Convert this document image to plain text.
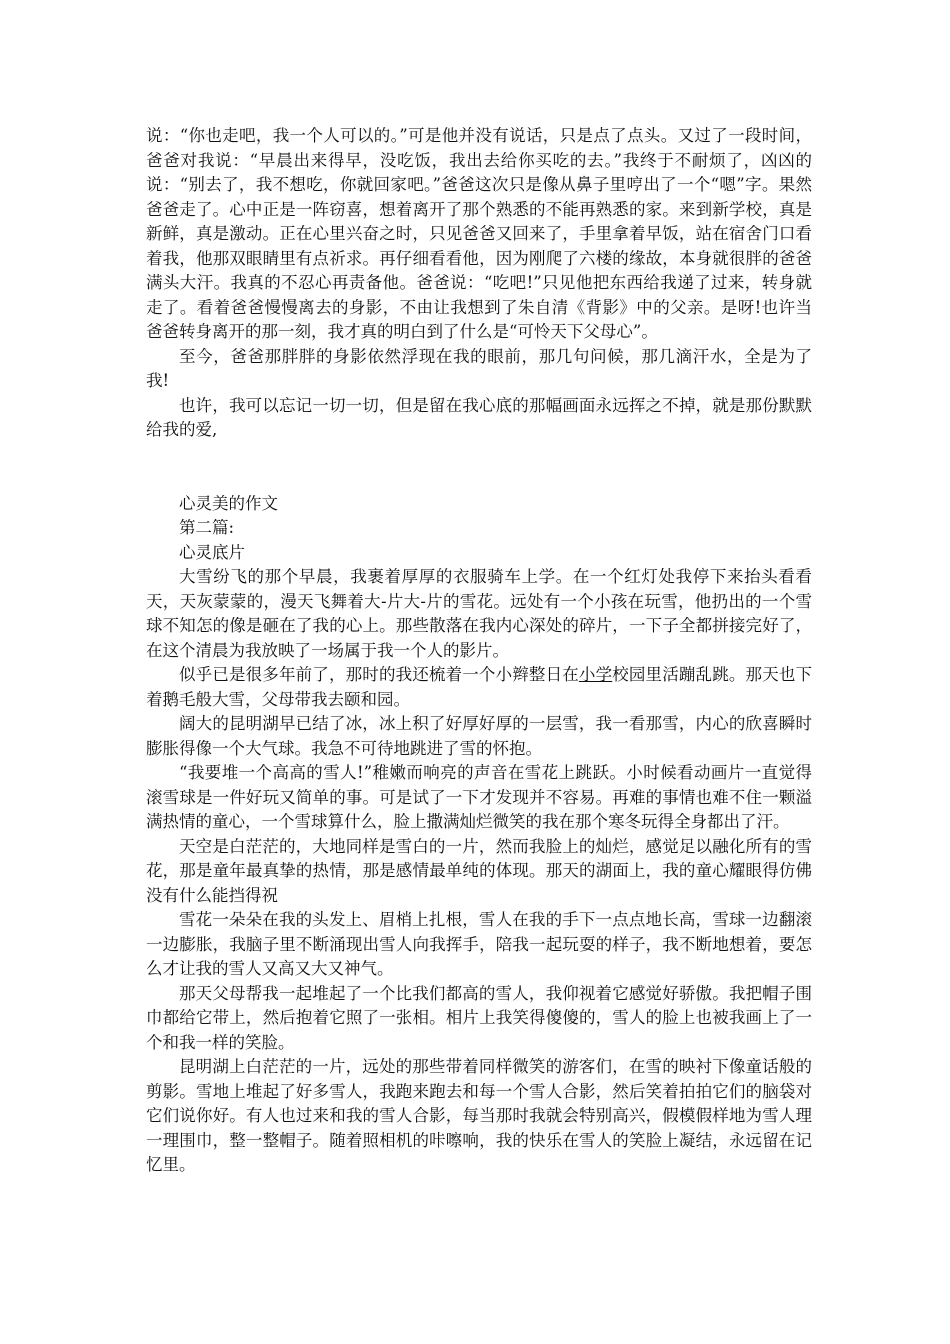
说：“你也走吧，我一个人可以的。”可是他并没有说话，只是点了点头。又过了一段时间，爸爸对我说：“早晨出来得早，没吃饭，我出去给你买吃的去。”我终于不耐烦了，凶凶的说：“别去了，我不想吃，你就回家吧。”爸爸这次只是像从鼻子里哼出了一个“嗯”字。果然爸爸走了。心中正是一阵窃喜，想着离开了那个熟悉的不能再熟悉的家。来到新学校，真是新鲜，真是激动。正在心里兴奋之时，只见爸爸又回来了，手里拿着早饭，站在宿舍门口看着我，他那双眼睛里有点祈求。再仔细看看他，因为刚爬了六楼的缘故，本身就很胖的爸爸满头大汗。我真的不忍心再责备他。爸爸说：“吃吧!”只见他把东西给我递了过来，转身就走了。看着爸爸慢慢离去的身影，不由让我想到了朱自清《背影》中的父亲。是呀!也许当爸爸转身离开的那一刻，我才真的明白到了什么是“可怜天下父母心”。

至今，爸爸那胖胖的身影依然浮现在我的眼前，那几句问候，那几滴汗水，全是为了我!

也许，我可以忘记一切一切，但是留在我心底的那幅画面永远挥之不掉，就是那份默默给我的爱,

心灵美的作文

第二篇:

心灵底片

大雪纷飞的那个早晨，我裹着厚厚的衣服骑车上学。在一个红灯处我停下来抬头看看天，天灰蒙蒙的，漫天飞舞着大-片大-片的雪花。远处有一个小孩在玩雪，他扔出的一个雪球不知怎的像是砸在了我的心上。那些散落在我内心深处的碎片，一下子全都拼接完好了，在这个清晨为我放映了一场属于我一个人的影片。

似乎已是很多年前了，那时的我还梳着一个小辫整日在小学校园里活蹦乱跳。那天也下着鹅毛般大雪，父母带我去颐和园。

阔大的昆明湖早已结了冰，冰上积了好厚好厚的一层雪，我一看那雪，内心的欣喜瞬时膨胀得像一个大气球。我急不可待地跳进了雪的怀抱。

“我要堆一个高高的雪人!”稚嫩而响亮的声音在雪花上跳跃。小时候看动画片一直觉得滚雪球是一件好玩又简单的事。可是试了一下才发现并不容易。再难的事情也难不住一颗溢满热情的童心，一个雪球算什么，脸上撒满灿烂微笑的我在那个寒冬玩得全身都出了汗。

天空是白茫茫的，大地同样是雪白的一片，然而我脸上的灿烂，感觉足以融化所有的雪花，那是童年最真挚的热情，那是感情最单纯的体现。那天的湖面上，我的童心耀眼得仿佛没有什么能挡得祝

雪花一朵朵在我的头发上、眉梢上扎根，雪人在我的手下一点点地长高，雪球一边翻滚一边膨胀，我脑子里不断涌现出雪人向我挥手，陪我一起玩耍的样子，我不断地想着，要怎么才让我的雪人又高又大又神气。

那天父母帮我一起堆起了一个比我们都高的雪人，我仰视着它感觉好骄傲。我把帽子围巾都给它带上，然后抱着它照了一张相。相片上我笑得傻傻的，雪人的脸上也被我画上了一个和我一样的笑脸。

昆明湖上白茫茫的一片，远处的那些带着同样微笑的游客们，在雪的映衬下像童话般的剪影。雪地上堆起了好多雪人，我跑来跑去和每一个雪人合影，然后笑着拍拍它们的脑袋对它们说你好。有人也过来和我的雪人合影，每当那时我就会特别高兴，假模假样地为雪人理一理围巾，整一整帽子。随着照相机的咔嚓响，我的快乐在雪人的笑脸上凝结，永远留在记忆里。
